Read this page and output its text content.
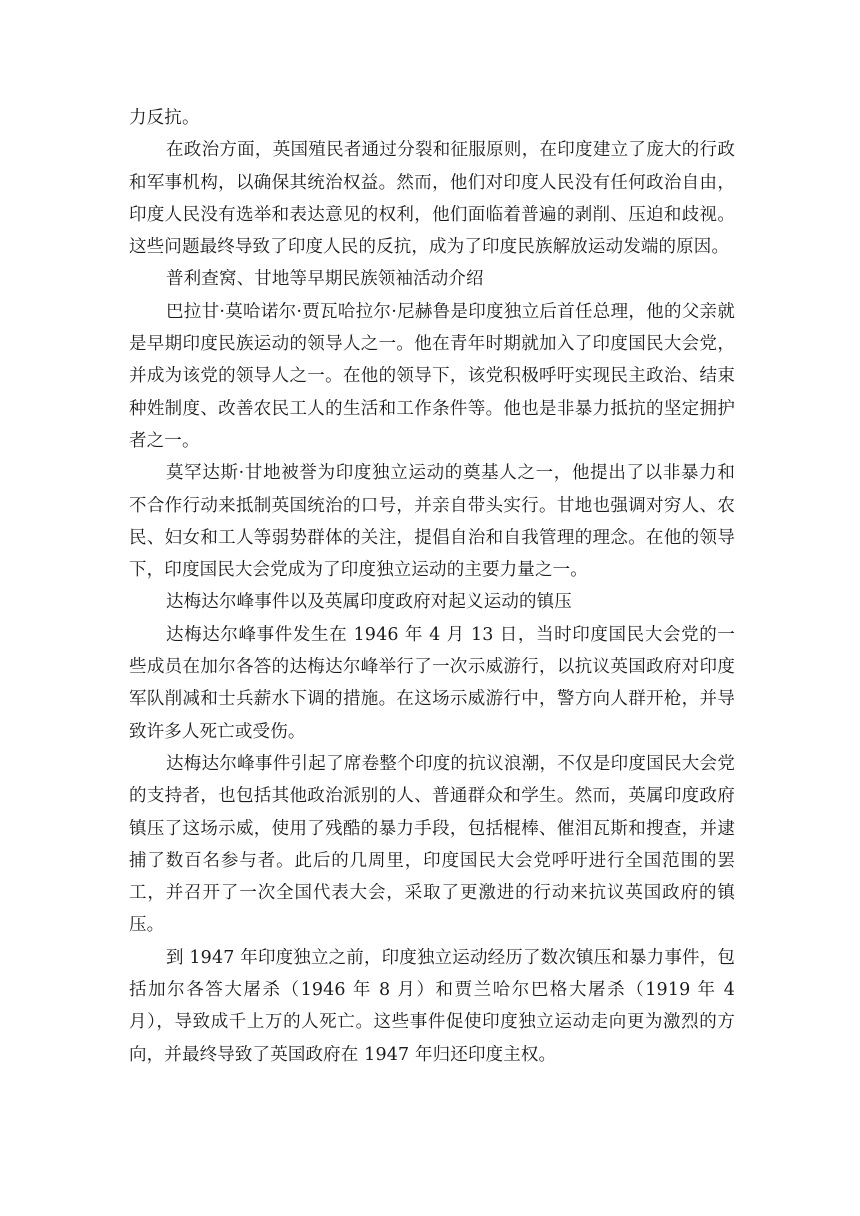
力反抗。

在政治方面，英国殖民者通过分裂和征服原则，在印度建立了庞大的行政和军事机构，以确保其统治权益。然而，他们对印度人民没有任何政治自由，印度人民没有选举和表达意见的权利，他们面临着普遍的剥削、压迫和歧视。这些问题最终导致了印度人民的反抗，成为了印度民族解放运动发端的原因。

普利查窝、甘地等早期民族领袖活动介绍

巴拉甘·莫哈诺尔·贾瓦哈拉尔·尼赫鲁是印度独立后首任总理，他的父亲就是早期印度民族运动的领导人之一。他在青年时期就加入了印度国民大会党，并成为该党的领导人之一。在他的领导下，该党积极呼吁实现民主政治、结束种姓制度、改善农民工人的生活和工作条件等。他也是非暴力抵抗的坚定拥护者之一。

莫罕达斯·甘地被誉为印度独立运动的奠基人之一，他提出了以非暴力和不合作行动来抵制英国统治的口号，并亲自带头实行。甘地也强调对穷人、农民、妇女和工人等弱势群体的关注，提倡自治和自我管理的理念。在他的领导下，印度国民大会党成为了印度独立运动的主要力量之一。

达梅达尔峰事件以及英属印度政府对起义运动的镇压

达梅达尔峰事件发生在 1946 年 4 月 13 日，当时印度国民大会党的一些成员在加尔各答的达梅达尔峰举行了一次示威游行，以抗议英国政府对印度军队削减和士兵薪水下调的措施。在这场示威游行中，警方向人群开枪，并导致许多人死亡或受伤。

达梅达尔峰事件引起了席卷整个印度的抗议浪潮，不仅是印度国民大会党的支持者，也包括其他政治派别的人、普通群众和学生。然而，英属印度政府镇压了这场示威，使用了残酷的暴力手段，包括棍棒、催泪瓦斯和搜查，并逮捕了数百名参与者。此后的几周里，印度国民大会党呼吁进行全国范围的罢工，并召开了一次全国代表大会，采取了更激进的行动来抗议英国政府的镇压。

到 1947 年印度独立之前，印度独立运动经历了数次镇压和暴力事件，包括加尔各答大屠杀（1946 年 8 月）和贾兰哈尔巴格大屠杀（1919 年 4 月），导致成千上万的人死亡。这些事件促使印度独立运动走向更为激烈的方向，并最终导致了英国政府在 1947 年归还印度主权。
